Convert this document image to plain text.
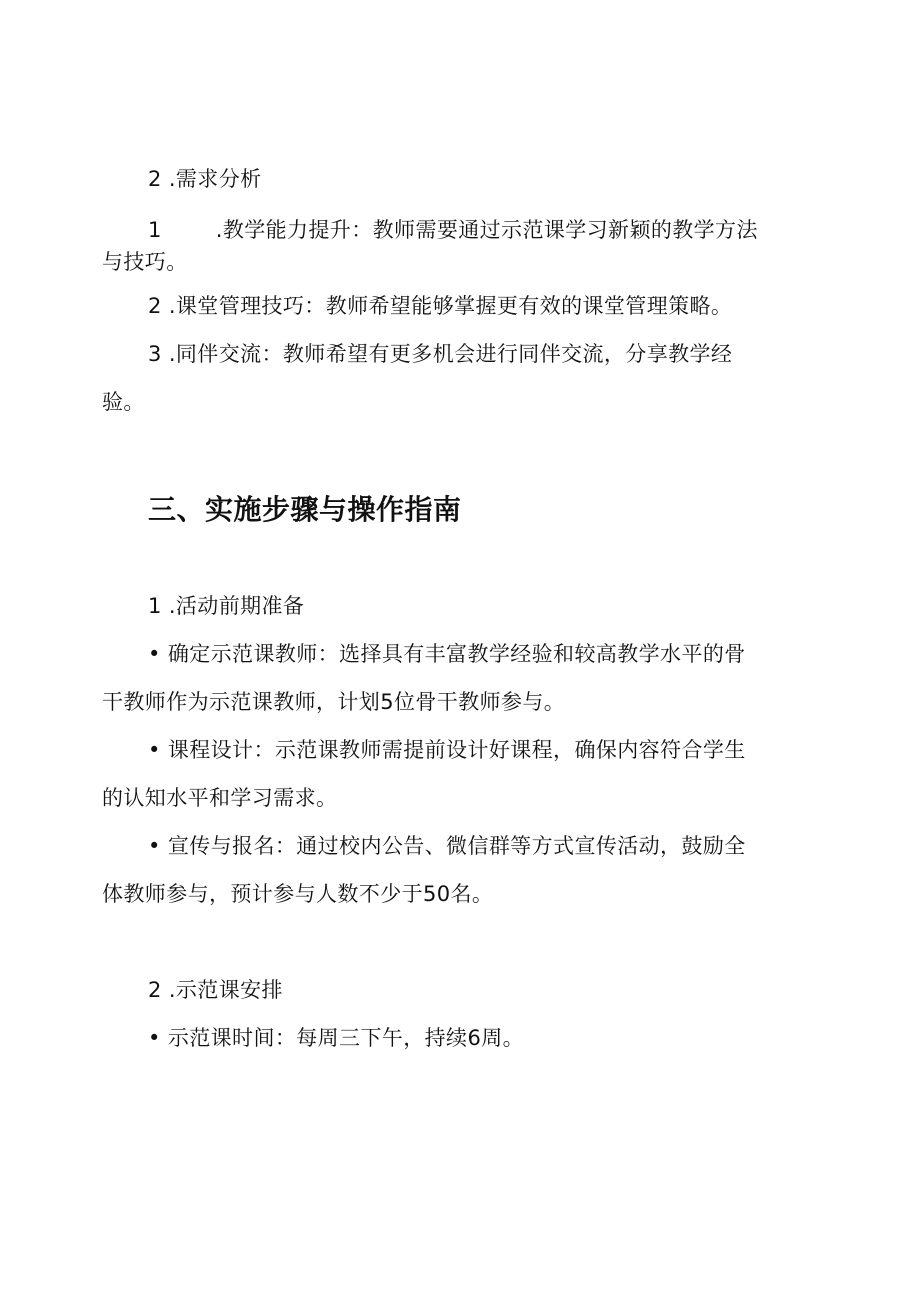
2 .需求分析
1	.教学能力提升：教师需要通过示范课学习新颖的教学方法
与技巧。
2 .课堂管理技巧：教师希望能够掌握更有效的课堂管理策略。
3 .同伴交流：教师希望有更多机会进行同伴交流，分享教学经
验。
三、实施步骤与操作指南
1 .活动前期准备
• 确定示范课教师：选择具有丰富教学经验和较高教学水平的骨
干教师作为示范课教师，计划5位骨干教师参与。
• 课程设计：示范课教师需提前设计好课程，确保内容符合学生
的认知水平和学习需求。
• 宣传与报名：通过校内公告、微信群等方式宣传活动，鼓励全
体教师参与，预计参与人数不少于50名。
2 .示范课安排
• 示范课时间：每周三下午，持续6周。
